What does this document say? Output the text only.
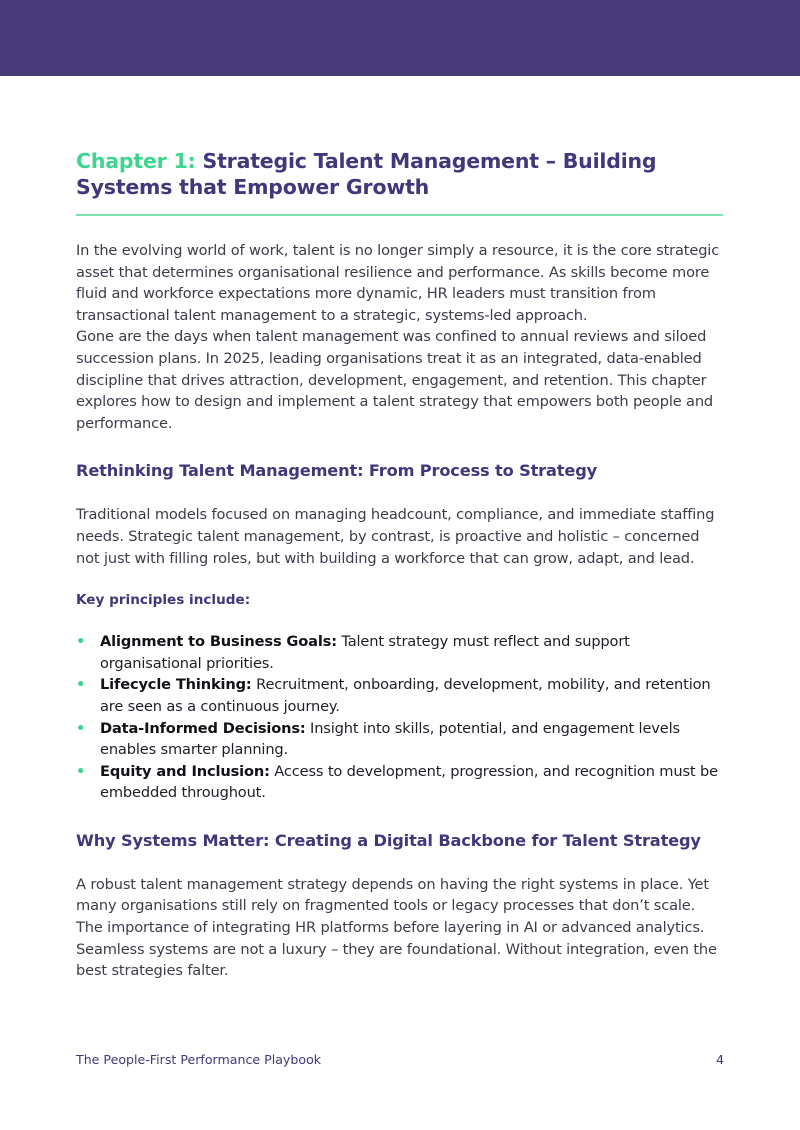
Chapter 1: Strategic Talent Management – Building Systems that Empower Growth

In the evolving world of work, talent is no longer simply a resource, it is the core strategic asset that determines organisational resilience and performance. As skills become more fluid and workforce expectations more dynamic, HR leaders must transition from transactional talent management to a strategic, systems-led approach.

Gone are the days when talent management was confined to annual reviews and siloed succession plans. In 2025, leading organisations treat it as an integrated, data-enabled discipline that drives attraction, development, engagement, and retention. This chapter explores how to design and implement a talent strategy that empowers both people and performance.

Rethinking Talent Management: From Process to Strategy

Traditional models focused on managing headcount, compliance, and immediate staffing needs. Strategic talent management, by contrast, is proactive and holistic – concerned not just with filling roles, but with building a workforce that can grow, adapt, and lead.

Key principles include:

• Alignment to Business Goals: Talent strategy must reflect and support organisational priorities.
• Lifecycle Thinking: Recruitment, onboarding, development, mobility, and retention are seen as a continuous journey.
• Data-Informed Decisions: Insight into skills, potential, and engagement levels enables smarter planning.
• Equity and Inclusion: Access to development, progression, and recognition must be embedded throughout.
Why Systems Matter: Creating a Digital Backbone for Talent Strategy

A robust talent management strategy depends on having the right systems in place. Yet many organisations still rely on fragmented tools or legacy processes that don’t scale. The importance of integrating HR platforms before layering in AI or advanced analytics. Seamless systems are not a luxury – they are foundational. Without integration, even the best strategies falter.

The People-First Performance Playbook	4
